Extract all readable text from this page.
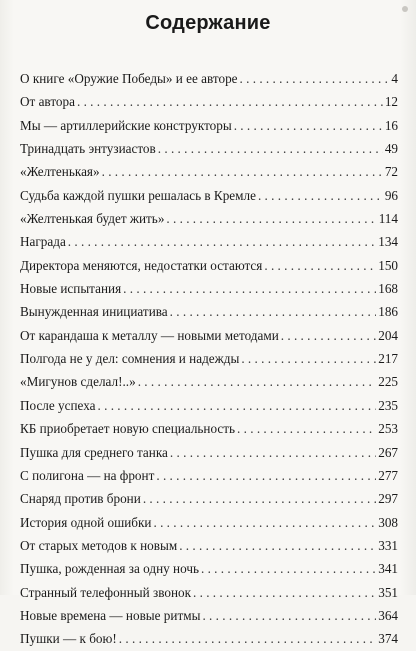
Содержание
О книге «Оружие Победы» и ее авторе . . .	4
От автора . . .	12
Мы — артиллерийские конструкторы . . .	16
Тринадцать энтузиастов . . .	49
«Желтенькая» . . .	72
Судьба каждой пушки решалась в Кремле . . .	96
«Желтенькая будет жить» . . .	114
Награда . . .	134
Директора меняются, недостатки остаются . . .	150
Новые испытания . . .	168
Вынужденная инициатива . . .	186
От карандаша к металлу — новыми методами . . .	204
Полгода не у дел: сомнения и надежды . . .	217
«Мигунов сделал!..» . . .	225
После успеха . . .	235
КБ приобретает новую специальность . . .	253
Пушка для среднего танка . . .	267
С полигона — на фронт . . .	277
Снаряд против брони . . .	297
История одной ошибки . . .	308
От старых методов к новым . . .	331
Пушка, рожденная за одну ночь . . .	341
Странный телефонный звонок . . .	351
Новые времена — новые ритмы . . .	364
Пушки — к бою! . . .	374
